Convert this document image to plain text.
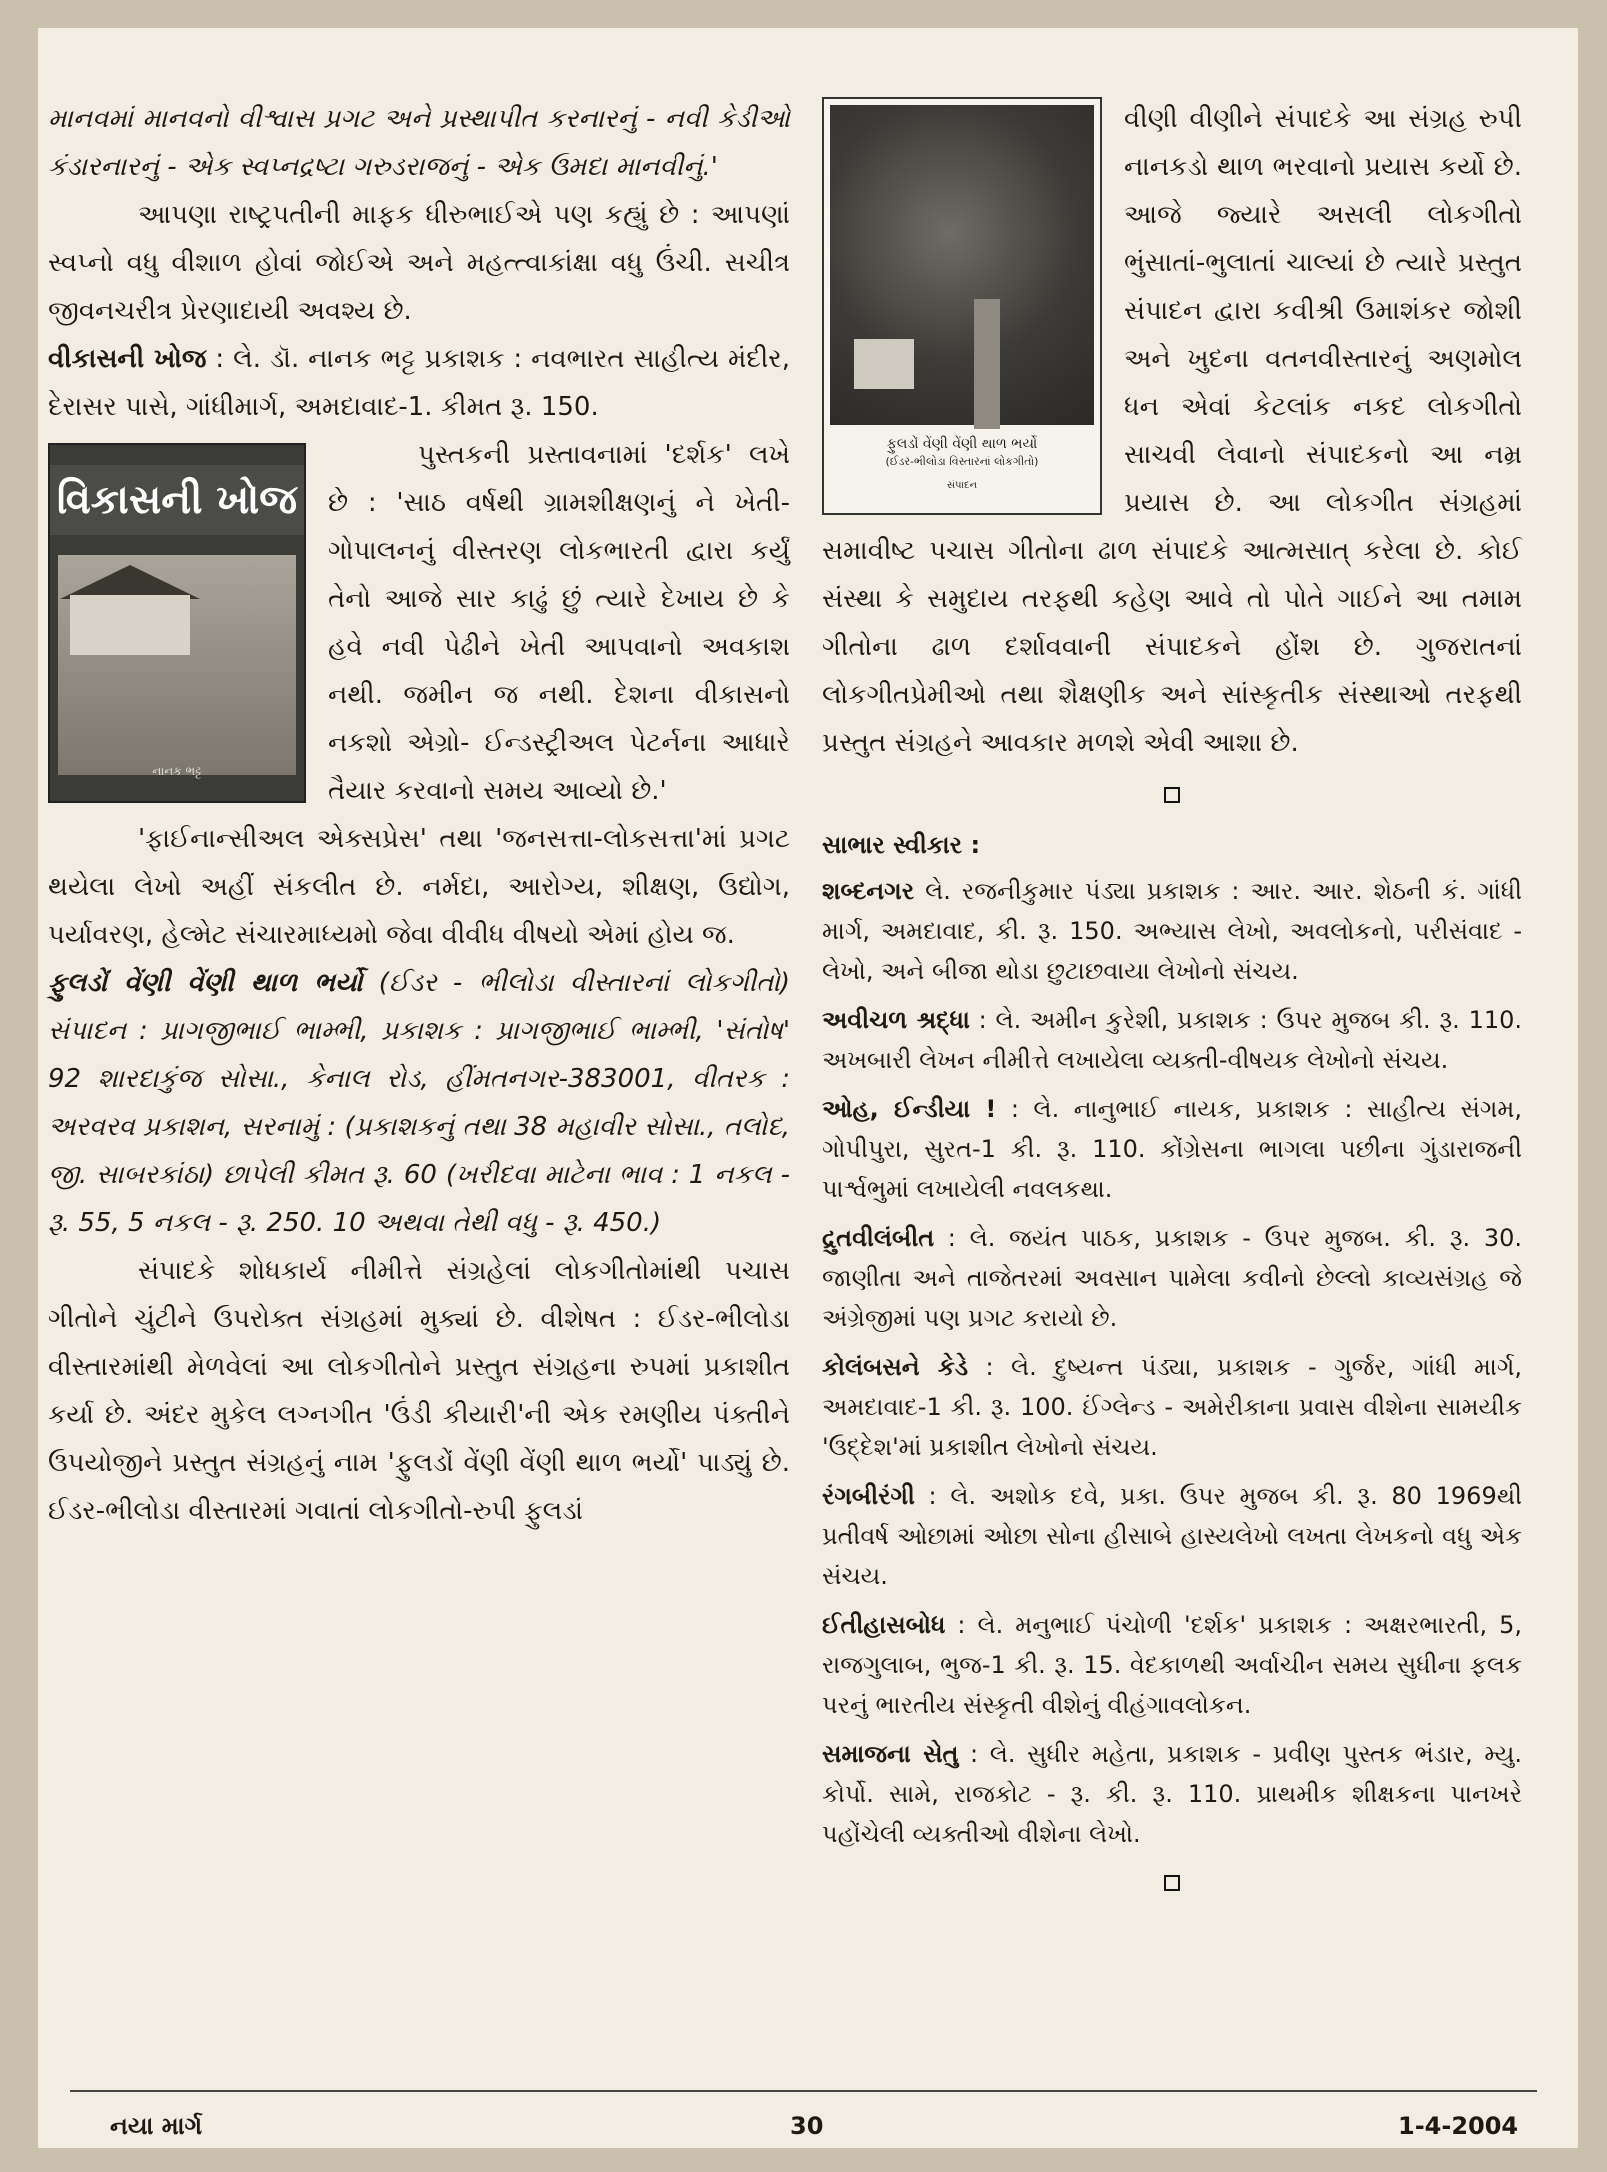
માનવમાં માનવનો વીશ્વાસ પ્રગટ અને પ્રસ્થાપીત કરનારનું - નવી કેડીઓ કંડારનારનું - એક સ્વપ્નદ્રષ્ટા ગરુડરાજનું - એક ઉમદા માનવીનું.'

આપણા રાષ્ટ્રપતીની માફક ધીરુભાઈએ પણ કહ્યું છે : આપણાં સ્વપ્નો વધુ વીશાળ હોવાં જોઈએ અને મહત્ત્વાકાંક્ષા વધુ ઉંચી. સચીત્ર જીવનચરીત્ર પ્રેરણાદાયી અવશ્ય છે.

વીકાસની ખોજ : લે. ડૉ. નાનક ભટ્ટ પ્રકાશક : નવભારત સાહીત્ય મંદીર, દેરાસર પાસે, ગાંધીમાર્ગ, અમદાવાદ-1. કીમત રૂ. 150.

વિકાસની ખોજ
નાનક ભટ્ટ

પુસ્તકની પ્રસ્તાવનામાં 'દર્શક' લખે છે : 'સાઠ વર્ષથી ગ્રામશીક્ષણનું ને ખેતી-ગોપાલનનું વીસ્તરણ લોકભારતી દ્વારા કર્યું તેનો આજે સાર કાઢું છું ત્યારે દેખાય છે કે હવે નવી પેઢીને ખેતી આપવાનો અવકાશ નથી. જમીન જ નથી. દેશના વીકાસનો નકશો એગ્રો- ઈન્ડસ્ટ્રીઅલ પેટર્નના આધારે તૈયાર કરવાનો સમય આવ્યો છે.'

'ફાઈનાન્સીઅલ એક્સપ્રેસ' તથા 'જનસત્તા-લોકસત્તા'માં પ્રગટ થયેલા લેખો અહીં સંકલીત છે. નર્મદા, આરોગ્ય, શીક્ષણ, ઉદ્યોગ, પર્યાવરણ, હેલ્મેટ સંચારમાધ્યમો જેવા વીવીધ વીષયો એમાં હોય જ.

ફુલડોં વેંણી વેંણી થાળ ભર્યો (ઈડર - ભીલોડા વીસ્તારનાં લોકગીતો) સંપાદન : પ્રાગજીભાઈ ભામ્ભી, પ્રકાશક : પ્રાગજીભાઈ ભામ્ભી, 'સંતોષ' 92 શારદાકુંજ સોસા., કેનાલ રોડ, હીંમતનગર-383001, વીતરક : અરવરવ પ્રકાશન, સરનામું : (પ્રકાશકનું તથા 38 મહાવીર સોસા., તલોદ, જી. સાબરકાંઠા) છાપેલી કીમત રૂ. 60 (ખરીદવા માટેના ભાવ : 1 નકલ - રૂ. 55, 5 નકલ - રૂ. 250. 10 અથવા તેથી વધુ - રૂ. 450.)

સંપાદકે શોધકાર્ય નીમીત્તે સંગ્રહેલાં લોકગીતોમાંથી પચાસ ગીતોને ચુંટીને ઉપરોક્ત સંગ્રહમાં મુક્યાં છે. વીશેષત : ઈડર-ભીલોડા વીસ્તારમાંથી મેળવેલાં આ લોકગીતોને પ્રસ્તુત સંગ્રહના રુપમાં પ્રકાશીત કર્યા છે. અંદર મુકેલ લગ્નગીત 'ઉંડી કીયારી'ની એક રમણીય પંક્તીને ઉપયોજીને પ્રસ્તુત સંગ્રહનું નામ 'ફુલડોં વેંણી વેંણી થાળ ભર્યો' પાડ્યું છે. ઈડર-ભીલોડા વીસ્તારમાં ગવાતાં લોકગીતો-રુપી ફુલડાં

ફુલડોં વેંણી વેંણી થાળ ભર્યો
(ઈડર-ભીલોડા વિસ્તારનાં લોકગીતો)
સંપાદન

વીણી વીણીને સંપાદકે આ સંગ્રહ રુપી નાનકડો થાળ ભરવાનો પ્રયાસ કર્યો છે. આજે જ્યારે અસલી લોકગીતો ભુંસાતાં-ભુલાતાં ચાલ્યાં છે ત્યારે પ્રસ્તુત સંપાદન દ્વારા કવીશ્રી ઉમાશંકર જોશી અને ખુદના વતનવીસ્તારનું અણમોલ ધન એવાં કેટલાંક નકદ લોકગીતો સાચવી લેવાનો સંપાદકનો આ નમ્ર પ્રયાસ છે. આ લોકગીત સંગ્રહમાં સમાવીષ્ટ પચાસ ગીતોના ઢાળ સંપાદકે આત્મસાત્ કરેલા છે. કોઈ સંસ્થા કે સમુદાય તરફથી કહેણ આવે તો પોતે ગાઈને આ તમામ ગીતોના ઢાળ દર્શાવવાની સંપાદકને હોંશ છે. ગુજરાતનાં લોકગીતપ્રેમીઓ તથા શૈક્ષણીક અને સાંસ્કૃતીક સંસ્થાઓ તરફથી પ્રસ્તુત સંગ્રહને આવકાર મળશે એવી આશા છે.

સાભાર સ્વીકાર :

શબ્દનગર લે. રજનીકુમાર પંડ્યા પ્રકાશક : આર. આર. શેઠની કં. ગાંધી માર્ગ, અમદાવાદ, કી. રૂ. 150. અભ્યાસ લેખો, અવલોકનો, પરીસંવાદ - લેખો, અને બીજા થોડા છુટાછવાયા લેખોનો સંચય.

અવીચળ શ્રદ્ધા : લે. અમીન કુરેશી, પ્રકાશક : ઉપર મુજબ કી. રૂ. 110. અખબારી લેખન નીમીત્તે લખાયેલા વ્યક્તી-વીષયક લેખોનો સંચય.

ઓહ, ઈન્ડીયા ! : લે. નાનુભાઈ નાયક, પ્રકાશક : સાહીત્ય સંગમ, ગોપીપુરા, સુરત-1 કી. રૂ. 110. કોંગ્રેસના ભાગલા પછીના ગુંડારાજની પાર્શ્વભુમાં લખાયેલી નવલકથા.

દ્રુતવીલંબીત : લે. જયંત પાઠક, પ્રકાશક - ઉપર મુજબ. કી. રૂ. 30. જાણીતા અને તાજેતરમાં અવસાન પામેલા કવીનો છેલ્લો કાવ્યસંગ્રહ જે અંગ્રેજીમાં પણ પ્રગટ કરાયો છે.

કોલંબસને કેડે : લે. દુષ્યન્ત પંડ્યા, પ્રકાશક - ગુર્જર, ગાંધી માર્ગ, અમદાવાદ-1 કી. રૂ. 100. ઈંગ્લેન્ડ - અમેરીકાના પ્રવાસ વીશેના સામયીક 'ઉદ્દેશ'માં પ્રકાશીત લેખોનો સંચય.

રંગબીરંગી : લે. અશોક દવે, પ્રકા. ઉપર મુજબ કી. રૂ. 80 1969થી પ્રતીવર્ષ ઓછામાં ઓછા સોના હીસાબે હાસ્યલેખો લખતા લેખકનો વધુ એક સંચય.

ઈતીહાસબોધ : લે. મનુભાઈ પંચોળી 'દર્શક' પ્રકાશક : અક્ષરભારતી, 5, રાજગુલાબ, ભુજ-1 કી. રૂ. 15. વેદકાળથી અર્વાચીન સમય સુધીના ફલક પરનું ભારતીય સંસ્કૃતી વીશેનું વીહંગાવલોકન.

સમાજના સેતુ : લે. સુધીર મહેતા, પ્રકાશક - પ્રવીણ પુસ્તક ભંડાર, મ્યુ. કોર્પો. સામે, રાજકોટ - રૂ. કી. રૂ. 110. પ્રાથમીક શીક્ષકના પાનખરે પહોંચેલી વ્યક્તીઓ વીશેના લેખો.

નયા માર્ગ	30	1-4-2004
